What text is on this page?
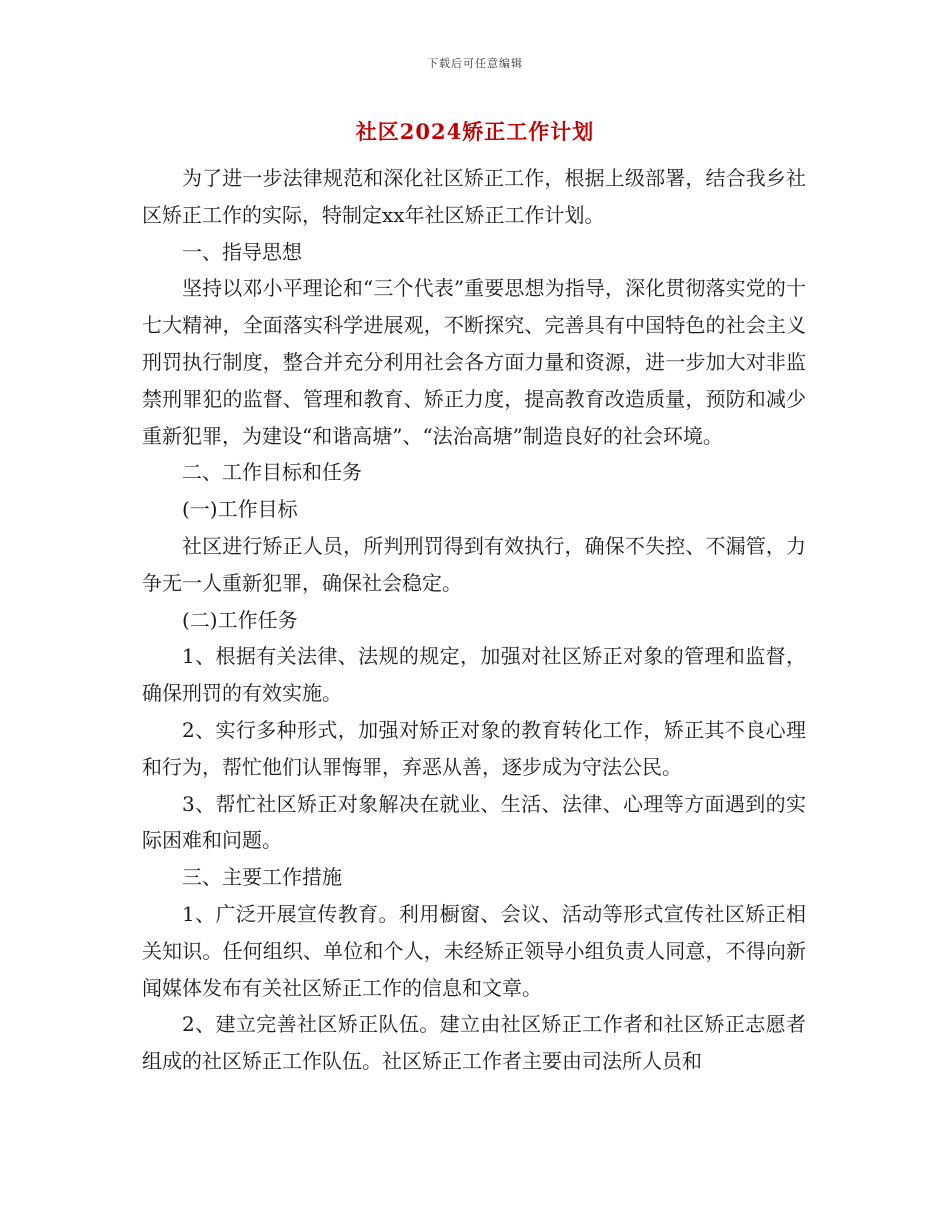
下载后可任意编辑
社区2024矫正工作计划

为了进一步法律规范和深化社区矫正工作，根据上级部署，结合我乡社区矫正工作的实际，特制定xx年社区矫正工作计划。

一、指导思想

坚持以邓小平理论和“三个代表”重要思想为指导，深化贯彻落实党的十七大精神，全面落实科学进展观，不断探究、完善具有中国特色的社会主义刑罚执行制度，整合并充分利用社会各方面力量和资源，进一步加大对非监禁刑罪犯的监督、管理和教育、矫正力度，提高教育改造质量，预防和减少重新犯罪，为建设“和谐高塘”、“法治高塘”制造良好的社会环境。

二、工作目标和任务

(一)工作目标

社区进行矫正人员，所判刑罚得到有效执行，确保不失控、不漏管，力争无一人重新犯罪，确保社会稳定。

(二)工作任务

1、根据有关法律、法规的规定，加强对社区矫正对象的管理和监督，确保刑罚的有效实施。

2、实行多种形式，加强对矫正对象的教育转化工作，矫正其不良心理和行为，帮忙他们认罪悔罪，弃恶从善，逐步成为守法公民。

3、帮忙社区矫正对象解决在就业、生活、法律、心理等方面遇到的实际困难和问题。

三、主要工作措施

1、广泛开展宣传教育。利用橱窗、会议、活动等形式宣传社区矫正相关知识。任何组织、单位和个人，未经矫正领导小组负责人同意，不得向新闻媒体发布有关社区矫正工作的信息和文章。

2、建立完善社区矫正队伍。建立由社区矫正工作者和社区矫正志愿者组成的社区矫正工作队伍。社区矫正工作者主要由司法所人员和
